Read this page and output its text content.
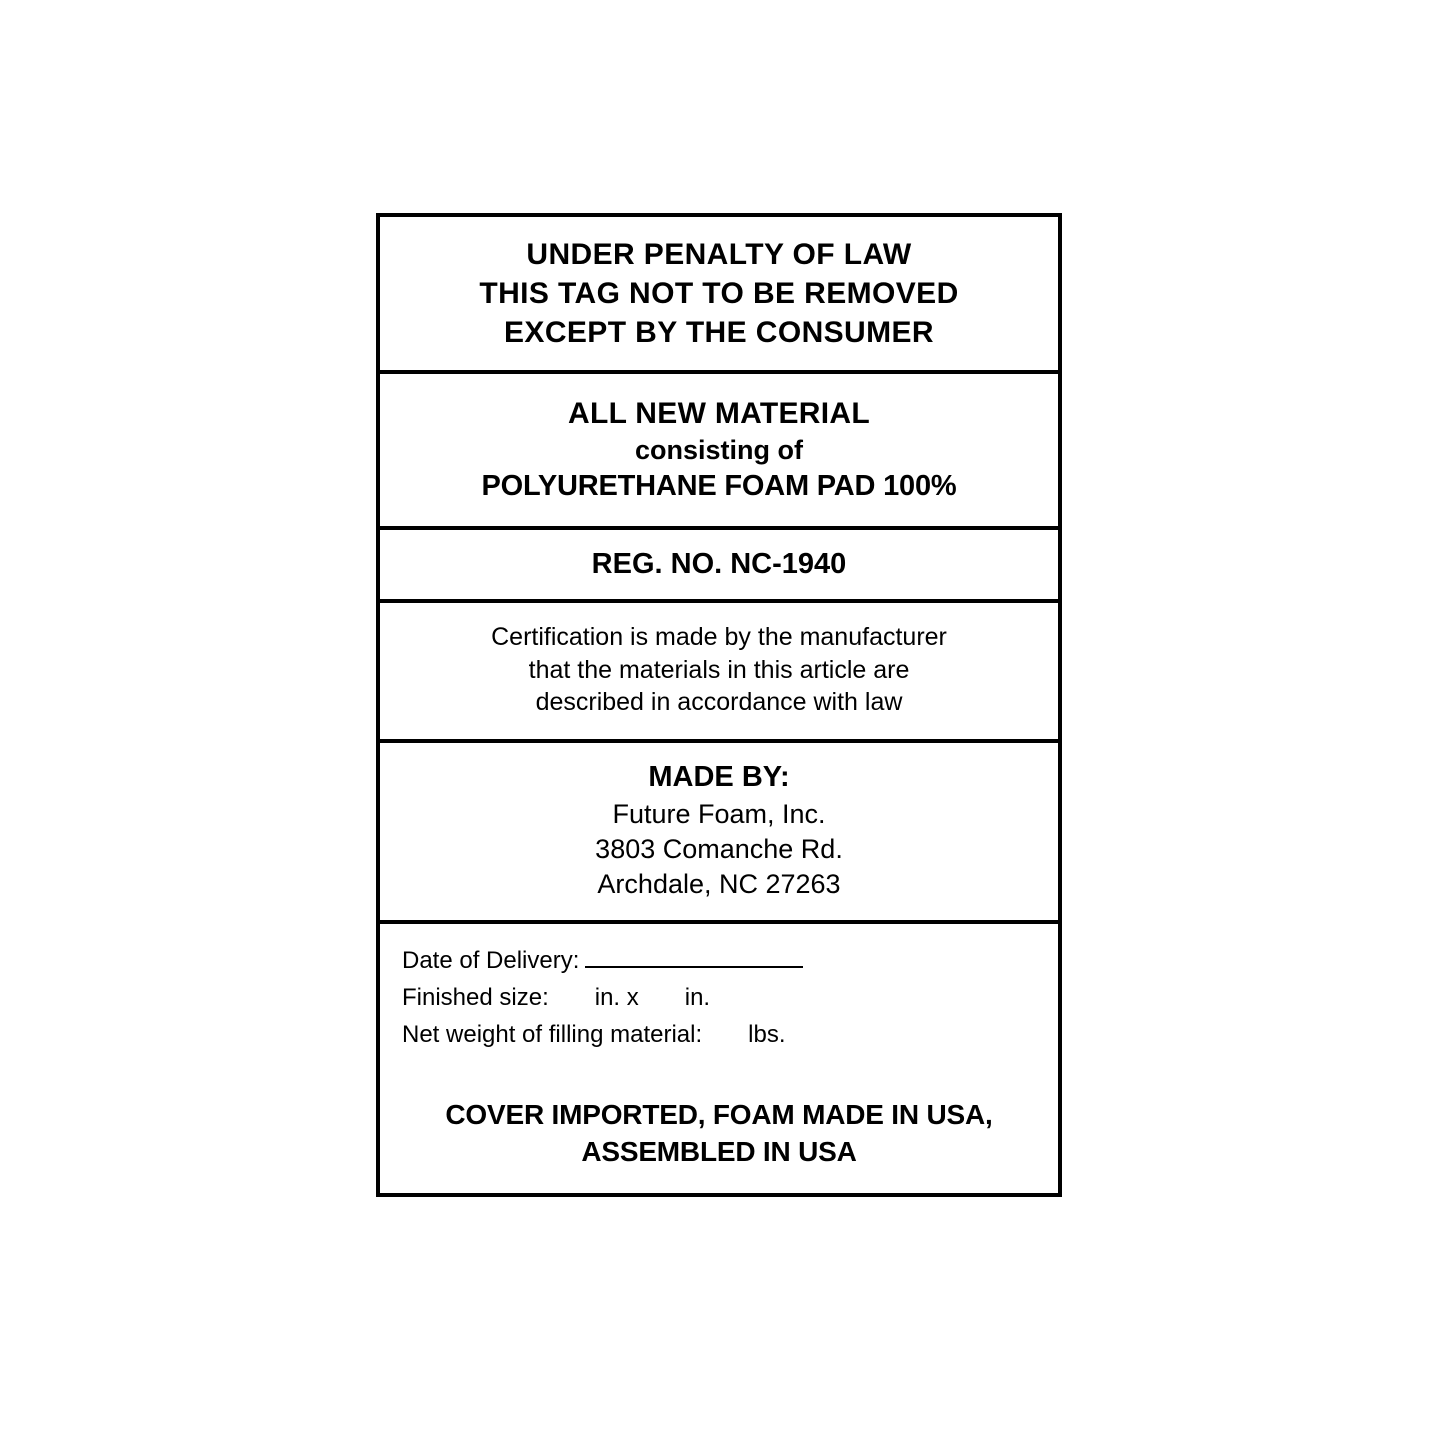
UNDER PENALTY OF LAW
THIS TAG NOT TO BE REMOVED
EXCEPT BY THE CONSUMER
ALL NEW MATERIAL
consisting of
POLYURETHANE FOAM PAD 100%
REG. NO. NC-1940
Certification is made by the manufacturer
that the materials in this article are
described in accordance with law
MADE BY:
Future Foam, Inc.
3803 Comanche Rd.
Archdale, NC 27263
Date of Delivery:
Finished size: in. x in.
Net weight of filling material: lbs.
COVER IMPORTED, FOAM MADE IN USA,
ASSEMBLED IN USA
